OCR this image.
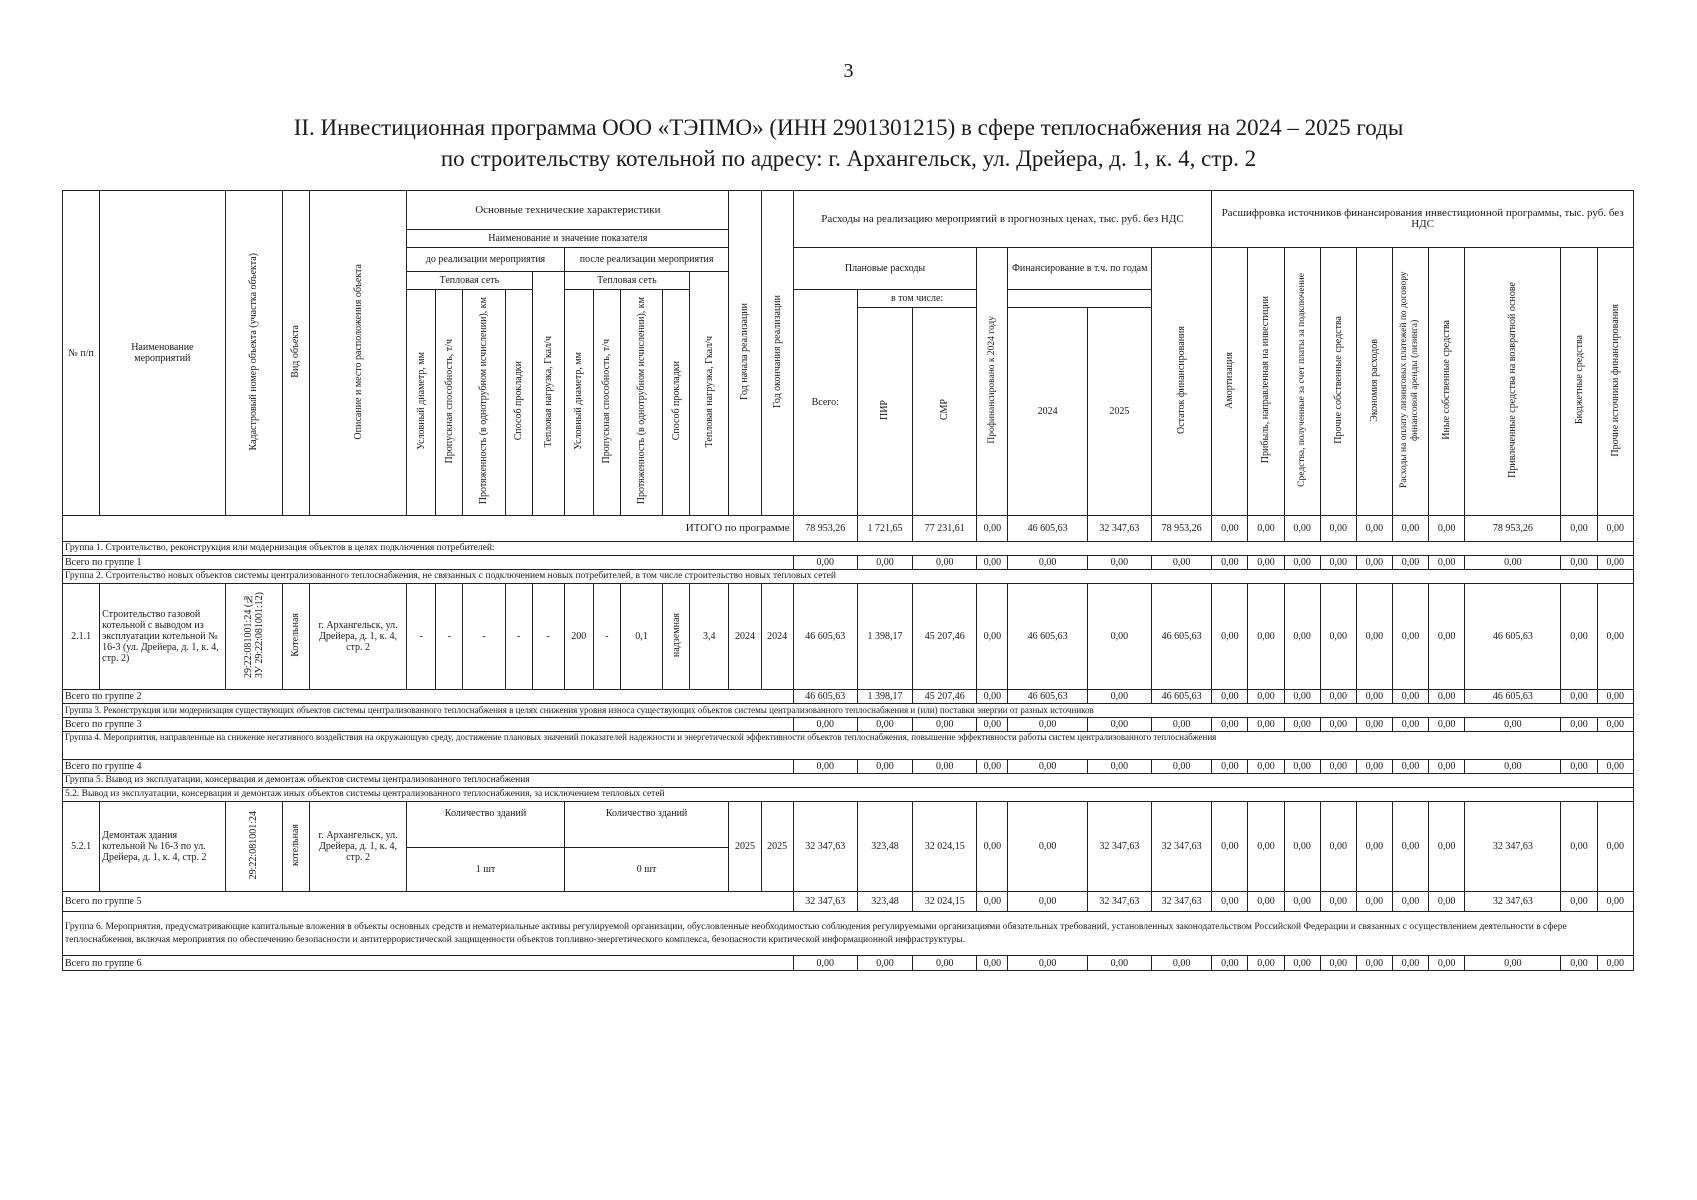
3
II. Инвестиционная программа ООО «ТЭПМО» (ИНН 2901301215) в сфере теплоснабжения на 2024 – 2025 годы
по строительству котельной по адресу: г. Архангельск, ул. Дрейера, д. 1, к. 4, стр. 2
№ п/п	Наименование мероприятий	Кадастровый номер объекта (участка объекта)	Вид объекта	Описание и место расположения объекта	Основные технические характеристики										Год начала реализации	Год окончания реализации	Расходы на реализацию мероприятий в прогнозных ценах, тыс. руб. без НДС							Расшифровка источников финансирования инвестиционной программы, тыс. руб. без НДС									
					Наименование и значение показателя																												
					до реализации мероприятия					после реализации мероприятия							Плановые расходы			Профинансировано к 2024 году	Финансирование в т.ч. по годам		Остаток финансирования	Амортизация	Прибыль, направленная на инвестиции	Средства, полученные за счет платы за подключение	Прочие собственные средства	Экономия расходов	Расходы на оплату лизинговых платежей по договору финансовой аренды (лизинга)	Иные собственные средства	Привлеченные средства на возвратной основе	Бюджетные средства	Прочие источники финансирования
					Тепловая сеть				Тепловая нагрузка, Гкал/ч	Тепловая сеть				Тепловая нагрузка, Гкал/ч																			
					Условный диаметр, мм	Пропускная способность, т/ч	Протяженность (в однотрубном исчислении), км	Способ прокладки		Условный диаметр, мм	Пропускная способность, т/ч	Протяженность (в однотрубном исчислении), км	Способ прокладки				Всего:	в том числе:															
																		ПИР	СМР		2024	2025											
ИТОГО по программе																	78 953,26	1 721,65	77 231,61	0,00	46 605,63	32 347,63	78 953,26	0,00	0,00	0,00	0,00	0,00	0,00	0,00	78 953,26	0,00	0,00
Группа 1. Строительство, реконструкция или модернизация объектов в целях подключения потребителей:																																	
Всего по группе 1																	0,00	0,00	0,00	0,00	0,00	0,00	0,00	0,00	0,00	0,00	0,00	0,00	0,00	0,00	0,00	0,00	0,00
Группа 2. Строительство новых объектов системы централизованного теплоснабжения, не связанных с подключением новых потребителей, в том числе строительство новых тепловых сетей																																	
2.1.1	Строительство газовой котельной с выводом из эксплуатации котельной № 16-3 (ул. Дрейера, д. 1, к. 4, стр. 2)	29:22:081001:24 (№ ЗУ 29:22:081001:12)	Котельная	г. Архангельск, ул. Дрейера, д. 1, к. 4, стр. 2	-	-	-	-	-	200	-	0,1	надземная	3,4	2024	2024	46 605,63	1 398,17	45 207,46	0,00	46 605,63	0,00	46 605,63	0,00	0,00	0,00	0,00	0,00	0,00	0,00	46 605,63	0,00	0,00
Всего по группе 2																	46 605,63	1 398,17	45 207,46	0,00	46 605,63	0,00	46 605,63	0,00	0,00	0,00	0,00	0,00	0,00	0,00	46 605,63	0,00	0,00
Группа 3. Реконструкция или модернизация существующих объектов системы централизованного теплоснабжения в целях снижения уровня износа существующих объектов системы централизованного теплоснабжения и (или) поставки энергии от разных источников																																	
Всего по группе 3																	0,00	0,00	0,00	0,00	0,00	0,00	0,00	0,00	0,00	0,00	0,00	0,00	0,00	0,00	0,00	0,00	0,00
Группа 4. Мероприятия, направленные на снижение негативного воздействия на окружающую среду, достижение плановых значений показателей надежности и энергетической эффективности объектов теплоснабжения, повышение эффективности работы систем централизованного теплоснабжения																																	
Всего по группе 4																	0,00	0,00	0,00	0,00	0,00	0,00	0,00	0,00	0,00	0,00	0,00	0,00	0,00	0,00	0,00	0,00	0,00
Группа 5. Вывод из эксплуатации, консервация и демонтаж объектов системы централизованного теплоснабжения																																	
5.2. Вывод из эксплуатации, консервация и демонтаж иных объектов системы централизованного теплоснабжения, за исключением тепловых сетей																																	
5.2.1	Демонтаж здания котельной № 16-3 по ул. Дрейера, д. 1, к. 4, стр. 2	29:22:081001:24	котельная	г. Архангельск, ул. Дрейера, д. 1, к. 4, стр. 2	Количество зданий					Количество зданий					2025	2025	32 347,63	323,48	32 024,15	0,00	0,00	32 347,63	32 347,63	0,00	0,00	0,00	0,00	0,00	0,00	0,00	32 347,63	0,00	0,00
					1 шт					0 шт																							
Всего по группе 5																	32 347,63	323,48	32 024,15	0,00	0,00	32 347,63	32 347,63	0,00	0,00	0,00	0,00	0,00	0,00	0,00	32 347,63	0,00	0,00
Группа 6. Мероприятия, предусматривающие капитальные вложения в объекты основных средств и нематериальные активы регулируемой организации, обусловленные необходимостью соблюдения регулируемыми организациями обязательных требований, установленных законодательством Российской Федерации и связанных с осуществлением деятельности в сфере теплоснабжения, включая мероприятия по обеспечению безопасности и антитеррористической защищенности объектов топливно-энергетического комплекса, безопасности критической информационной инфраструктуры.																																	
Всего по группе 6																	0,00	0,00	0,00	0,00	0,00	0,00	0,00	0,00	0,00	0,00	0,00	0,00	0,00	0,00	0,00	0,00	0,00
